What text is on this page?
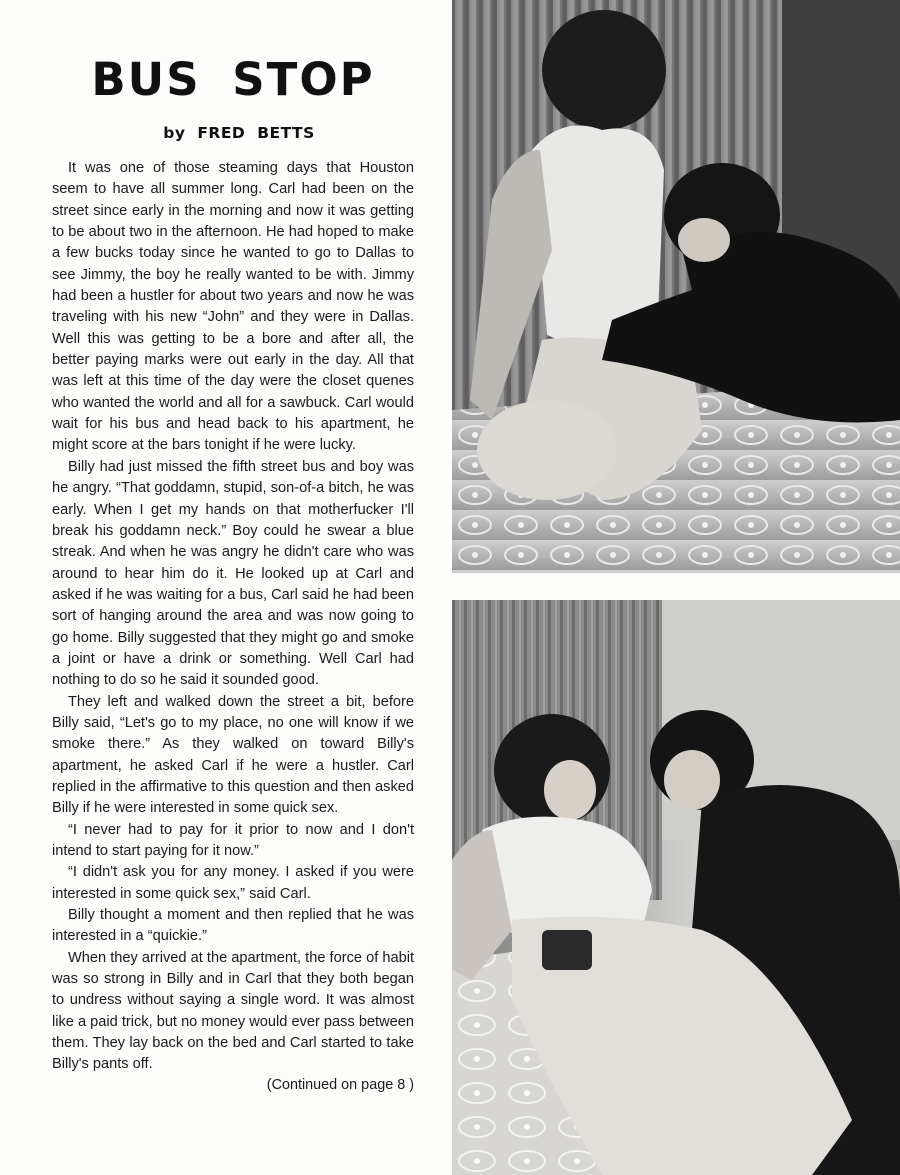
BUS STOP
by FRED BETTS

It was one of those steaming days that Houston seem to have all summer long. Carl had been on the street since early in the morning and now it was getting to be about two in the afternoon. He had hoped to make a few bucks today since he wanted to go to Dallas to see Jimmy, the boy he really wanted to be with. Jimmy had been a hustler for about two years and now he was traveling with his new “John” and they were in Dallas. Well this was getting to be a bore and after all, the better paying marks were out early in the day. All that was left at this time of the day were the closet quenes who wanted the world and all for a sawbuck. Carl would wait for his bus and head back to his apartment, he might score at the bars tonight if he were lucky.

Billy had just missed the fifth street bus and boy was he angry. “That goddamn, stupid, son-of-a bitch, he was early. When I get my hands on that motherfucker I'll break his goddamn neck.” Boy could he swear a blue streak. And when he was angry he didn't care who was around to hear him do it. He looked up at Carl and asked if he was waiting for a bus, Carl said he had been sort of hanging around the area and was now going to go home. Billy suggested that they might go and smoke a joint or have a drink or something. Well Carl had nothing to do so he said it sounded good.

They left and walked down the street a bit, before Billy said, “Let's go to my place, no one will know if we smoke there.” As they walked on toward Billy's apartment, he asked Carl if he were a hustler. Carl replied in the affirmative to this question and then asked Billy if he were interested in some quick sex.

“I never had to pay for it prior to now and I don't intend to start paying for it now.”

“I didn't ask you for any money. I asked if you were interested in some quick sex,” said Carl.

Billy thought a moment and then replied that he was interested in a “quickie.”

When they arrived at the apartment, the force of habit was so strong in Billy and in Carl that they both began to undress without saying a single word. It was almost like a paid trick, but no money would ever pass between them. They lay back on the bed and Carl started to take Billy's pants off.

(Continued on page 8 )
